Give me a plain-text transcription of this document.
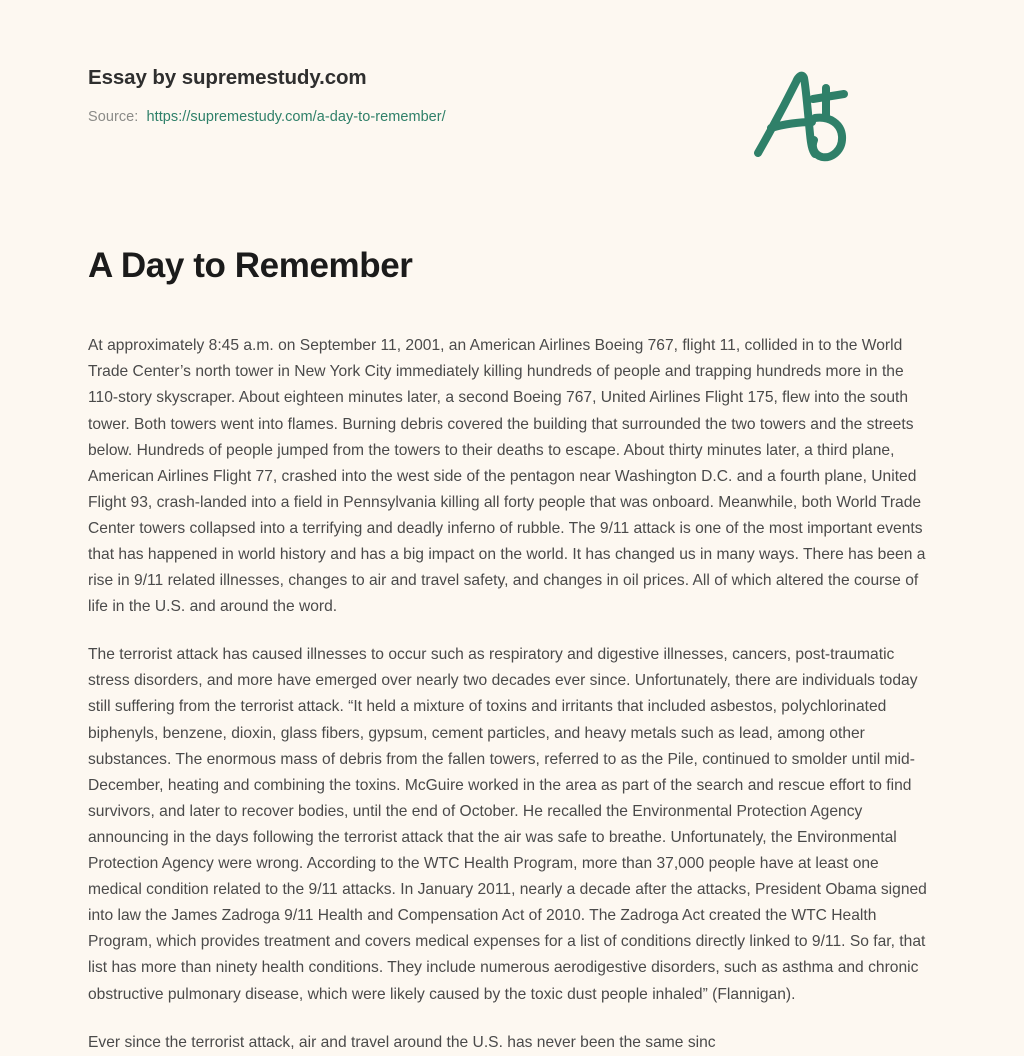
Essay by supremestudy.com
Source: https://supremestudy.com/a-day-to-remember/
A Day to Remember

At approximately 8:45 a.m. on September 11, 2001, an American Airlines Boeing 767, flight 11, collided in to the World Trade Center’s north tower in New York City immediately killing hundreds of people and trapping hundreds more in the 110-story skyscraper. About eighteen minutes later, a second Boeing 767, United Airlines Flight 175, flew into the south tower. Both towers went into flames. Burning debris covered the building that surrounded the two towers and the streets below. Hundreds of people jumped from the towers to their deaths to escape. About thirty minutes later, a third plane, American Airlines Flight 77, crashed into the west side of the pentagon near Washington D.C. and a fourth plane, United Flight 93, crash-landed into a field in Pennsylvania killing all forty people that was onboard. Meanwhile, both World Trade Center towers collapsed into a terrifying and deadly inferno of rubble. The 9/11 attack is one of the most important events that has happened in world history and has a big impact on the world. It has changed us in many ways. There has been a rise in 9/11 related illnesses, changes to air and travel safety, and changes in oil prices. All of which altered the course of life in the U.S. and around the word.

The terrorist attack has caused illnesses to occur such as respiratory and digestive illnesses, cancers, post-traumatic stress disorders, and more have emerged over nearly two decades ever since. Unfortunately, there are individuals today still suffering from the terrorist attack. “It held a mixture of toxins and irritants that included asbestos, polychlorinated biphenyls, benzene, dioxin, glass fibers, gypsum, cement particles, and heavy metals such as lead, among other substances. The enormous mass of debris from the fallen towers, referred to as the Pile, continued to smolder until mid-December, heating and combining the toxins. McGuire worked in the area as part of the search and rescue effort to find survivors, and later to recover bodies, until the end of October. He recalled the Environmental Protection Agency announcing in the days following the terrorist attack that the air was safe to breathe. Unfortunately, the Environmental Protection Agency were wrong. According to the WTC Health Program, more than 37,000 people have at least one medical condition related to the 9/11 attacks. In January 2011, nearly a decade after the attacks, President Obama signed into law the James Zadroga 9/11 Health and Compensation Act of 2010. The Zadroga Act created the WTC Health Program, which provides treatment and covers medical expenses for a list of conditions directly linked to 9/11. So far, that list has more than ninety health conditions. They include numerous aerodigestive disorders, such as asthma and chronic obstructive pulmonary disease, which were likely caused by the toxic dust people inhaled” (Flannigan).

Ever since the terrorist attack, air and travel around the U.S. has never been the same sinc
